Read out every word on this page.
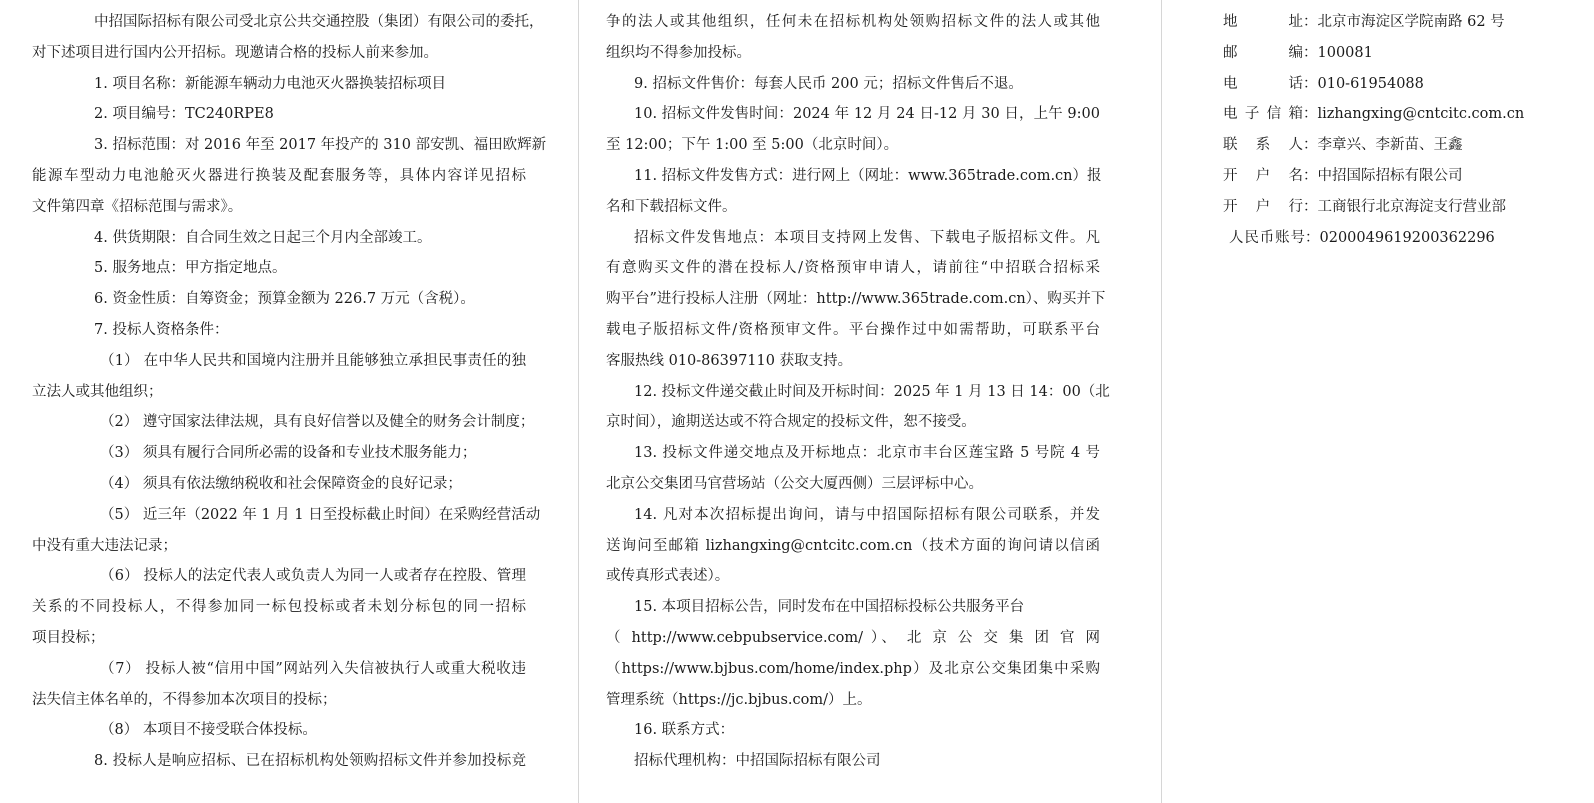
中招国际招标有限公司受北京公共交通控股（集团）有限公司的委托，
对下述项目进行国内公开招标。现邀请合格的投标人前来参加。
1. 项目名称：新能源车辆动力电池灭火器换装招标项目
2. 项目编号：TC240RPE8
3. 招标范围：对 2016 年至 2017 年投产的 310 部安凯、福田欧辉新
能源车型动力电池舱灭火器进行换装及配套服务等，具体内容详见招标
文件第四章《招标范围与需求》。
4. 供货期限：自合同生效之日起三个月内全部竣工。
5. 服务地点：甲方指定地点。
6. 资金性质：自筹资金；预算金额为 226.7 万元（含税）。
7. 投标人资格条件：
（1） 在中华人民共和国境内注册并且能够独立承担民事责任的独
立法人或其他组织；
（2） 遵守国家法律法规，具有良好信誉以及健全的财务会计制度；
（3） 须具有履行合同所必需的设备和专业技术服务能力；
（4） 须具有依法缴纳税收和社会保障资金的良好记录；
（5） 近三年（2022 年 1 月 1 日至投标截止时间）在采购经营活动
中没有重大违法记录；
（6） 投标人的法定代表人或负责人为同一人或者存在控股、管理
关系的不同投标人，不得参加同一标包投标或者未划分标包的同一招标
项目投标；
（7） 投标人被“信用中国”网站列入失信被执行人或重大税收违
法失信主体名单的，不得参加本次项目的投标；
（8） 本项目不接受联合体投标。
8. 投标人是响应招标、已在招标机构处领购招标文件并参加投标竞
争的法人或其他组织，任何未在招标机构处领购招标文件的法人或其他
组织均不得参加投标。
9. 招标文件售价：每套人民币 200 元；招标文件售后不退。
10. 招标文件发售时间：2024 年 12 月 24 日-12 月 30 日，上午 9:00
至 12:00；下午 1:00 至 5:00（北京时间）。
11. 招标文件发售方式：进行网上（网址：www.365trade.com.cn）报
名和下载招标文件。
招标文件发售地点：本项目支持网上发售、下载电子版招标文件。凡
有意购买文件的潜在投标人/资格预审申请人，请前往“中招联合招标采
购平台”进行投标人注册（网址：http://www.365trade.com.cn）、购买并下
载电子版招标文件/资格预审文件。平台操作过中如需帮助，可联系平台
客服热线 010-86397110 获取支持。
12. 投标文件递交截止时间及开标时间：2025 年 1 月 13 日 14：00（北
京时间），逾期送达或不符合规定的投标文件，恕不接受。
13. 投标文件递交地点及开标地点：北京市丰台区莲宝路 5 号院 4 号
北京公交集团马官营场站（公交大厦西侧）三层评标中心。
14. 凡对本次招标提出询问，请与中招国际招标有限公司联系，并发
送询问至邮箱 lizhangxing@cntcitc.com.cn（技术方面的询问请以信函
或传真形式表述）。
15. 本项目招标公告，同时发布在中国招标投标公共服务平台
（ http://www.cebpubservice.com/ ）、 北 京 公 交 集 团 官 网
（https://www.bjbus.com/home/index.php）及北京公交集团集中采购
管理系统（https://jc.bjbus.com/）上。
16. 联系方式：
招标代理机构：中招国际招标有限公司
地址：北京市海淀区学院南路 62 号
邮编：100081
电话：010-61954088
电子信箱：lizhangxing@cntcitc.com.cn
联系人：李章兴、李新苗、王鑫
开户名：中招国际招标有限公司
开户行：工商银行北京海淀支行营业部
人民币账号：0200049619200362296
